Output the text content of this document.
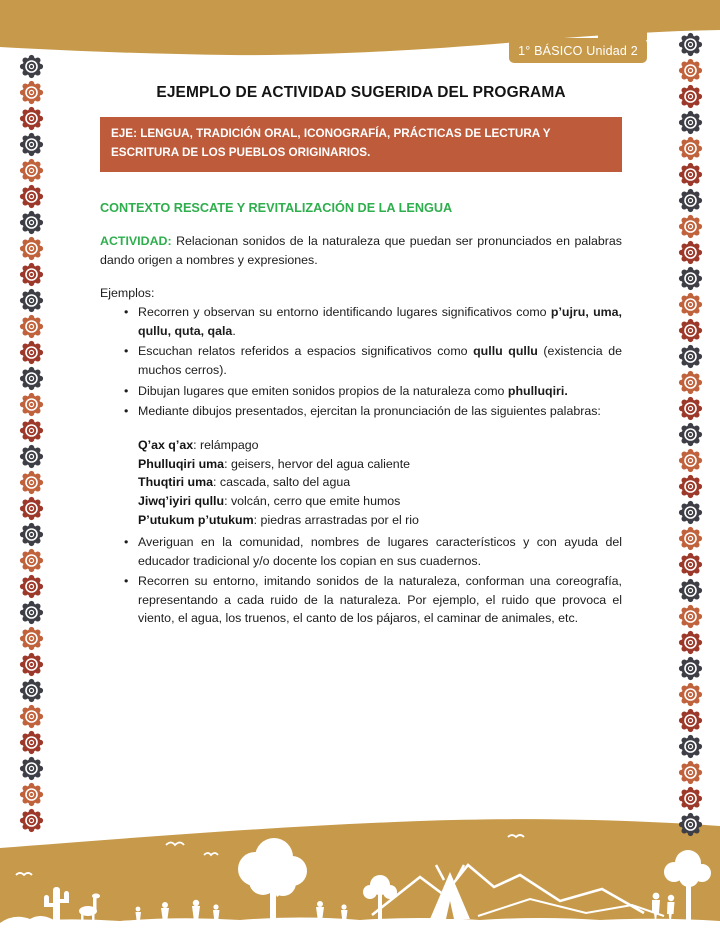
1° BÁSICO Unidad 2
EJEMPLO DE ACTIVIDAD SUGERIDA DEL PROGRAMA
EJE: LENGUA, TRADICIÓN ORAL, ICONOGRAFÍA, PRÁCTICAS DE LECTURA Y ESCRITURA DE LOS PUEBLOS ORIGINARIOS.
CONTEXTO RESCATE Y REVITALIZACIÓN DE LA LENGUA

ACTIVIDAD: Relacionan sonidos de la naturaleza que puedan ser pronunciados en palabras dando origen a nombres y expresiones.

Ejemplos:
• Recorren y observan su entorno identificando lugares significativos como p’ujru, uma, qullu, quta, qala.
• Escuchan relatos referidos a espacios significativos como qullu qullu (existencia de muchos cerros).
• Dibujan lugares que emiten sonidos propios de la naturaleza como phulluqiri.
• Mediante dibujos presentados, ejercitan la pronunciación de las siguientes palabras:
Q’ax q’ax: relámpago
Phulluqiri uma: geisers, hervor del agua caliente
Thuqtiri uma: cascada, salto del agua
Jiwq’iyiri qullu: volcán, cerro que emite humos
P’utukum p’utukum: piedras arrastradas por el rio
• Averiguan en la comunidad, nombres de lugares característicos y con ayuda del educador tradicional y/o docente los copian en sus cuadernos.
• Recorren su entorno, imitando sonidos de la naturaleza, conforman una coreografía, representando a cada ruido de la naturaleza. Por ejemplo, el ruido que provoca el viento, el agua, los truenos, el canto de los pájaros, el caminar de animales, etc.
